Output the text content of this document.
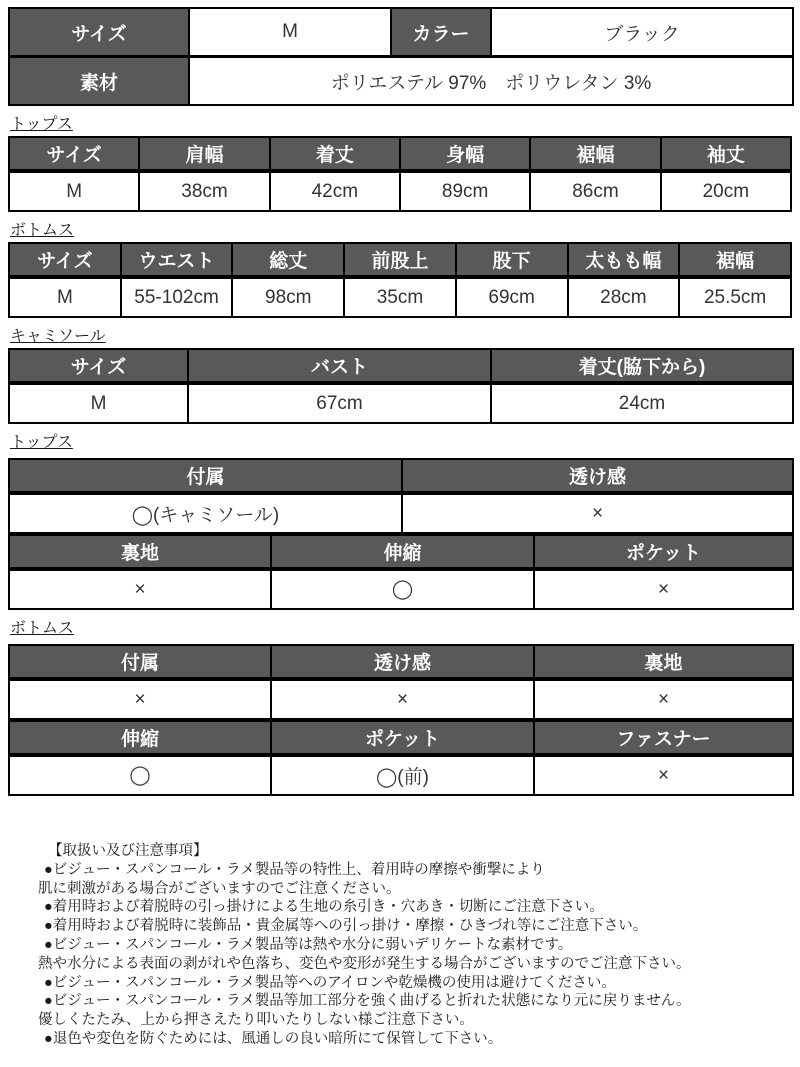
サイズ	M	カラー	ブラック
素材	ポリエステル 97%　ポリウレタン 3%		
トップス
サイズ	肩幅	着丈	身幅	裾幅	袖丈
M	38cm	42cm	89cm	86cm	20cm
ボトムス
サイズ	ウエスト	総丈	前股上	股下	太もも幅	裾幅
M	55-102cm	98cm	35cm	69cm	28cm	25.5cm
キャミソール
サイズ	バスト	着丈(脇下から)
M	67cm	24cm
トップス
付属	透け感
◯(キャミソール)	×
裏地	伸縮	ポケット
×	◯	×
ボトムス
付属	透け感	裏地
×	×	×
伸縮	ポケット	ファスナー
◯	◯(前)	×
【取扱い及び注意事項】
●ビジュー・スパンコール・ラメ製品等の特性上、着用時の摩擦や衝撃により
肌に刺激がある場合がございますのでご注意ください。
●着用時および着脱時の引っ掛けによる生地の糸引き・穴あき・切断にご注意下さい。
●着用時および着脱時に装飾品・貴金属等への引っ掛け・摩擦・ひきづれ等にご注意下さい。
●ビジュー・スパンコール・ラメ製品等は熱や水分に弱いデリケートな素材です。
熱や水分による表面の剥がれや色落ち、変色や変形が発生する場合がございますのでご注意下さい。
●ビジュー・スパンコール・ラメ製品等へのアイロンや乾燥機の使用は避けてください。
●ビジュー・スパンコール・ラメ製品等加工部分を強く曲げると折れた状態になり元に戻りません。
優しくたたみ、上から押さえたり叩いたりしない様ご注意下さい。
●退色や変色を防ぐためには、風通しの良い暗所にて保管して下さい。
